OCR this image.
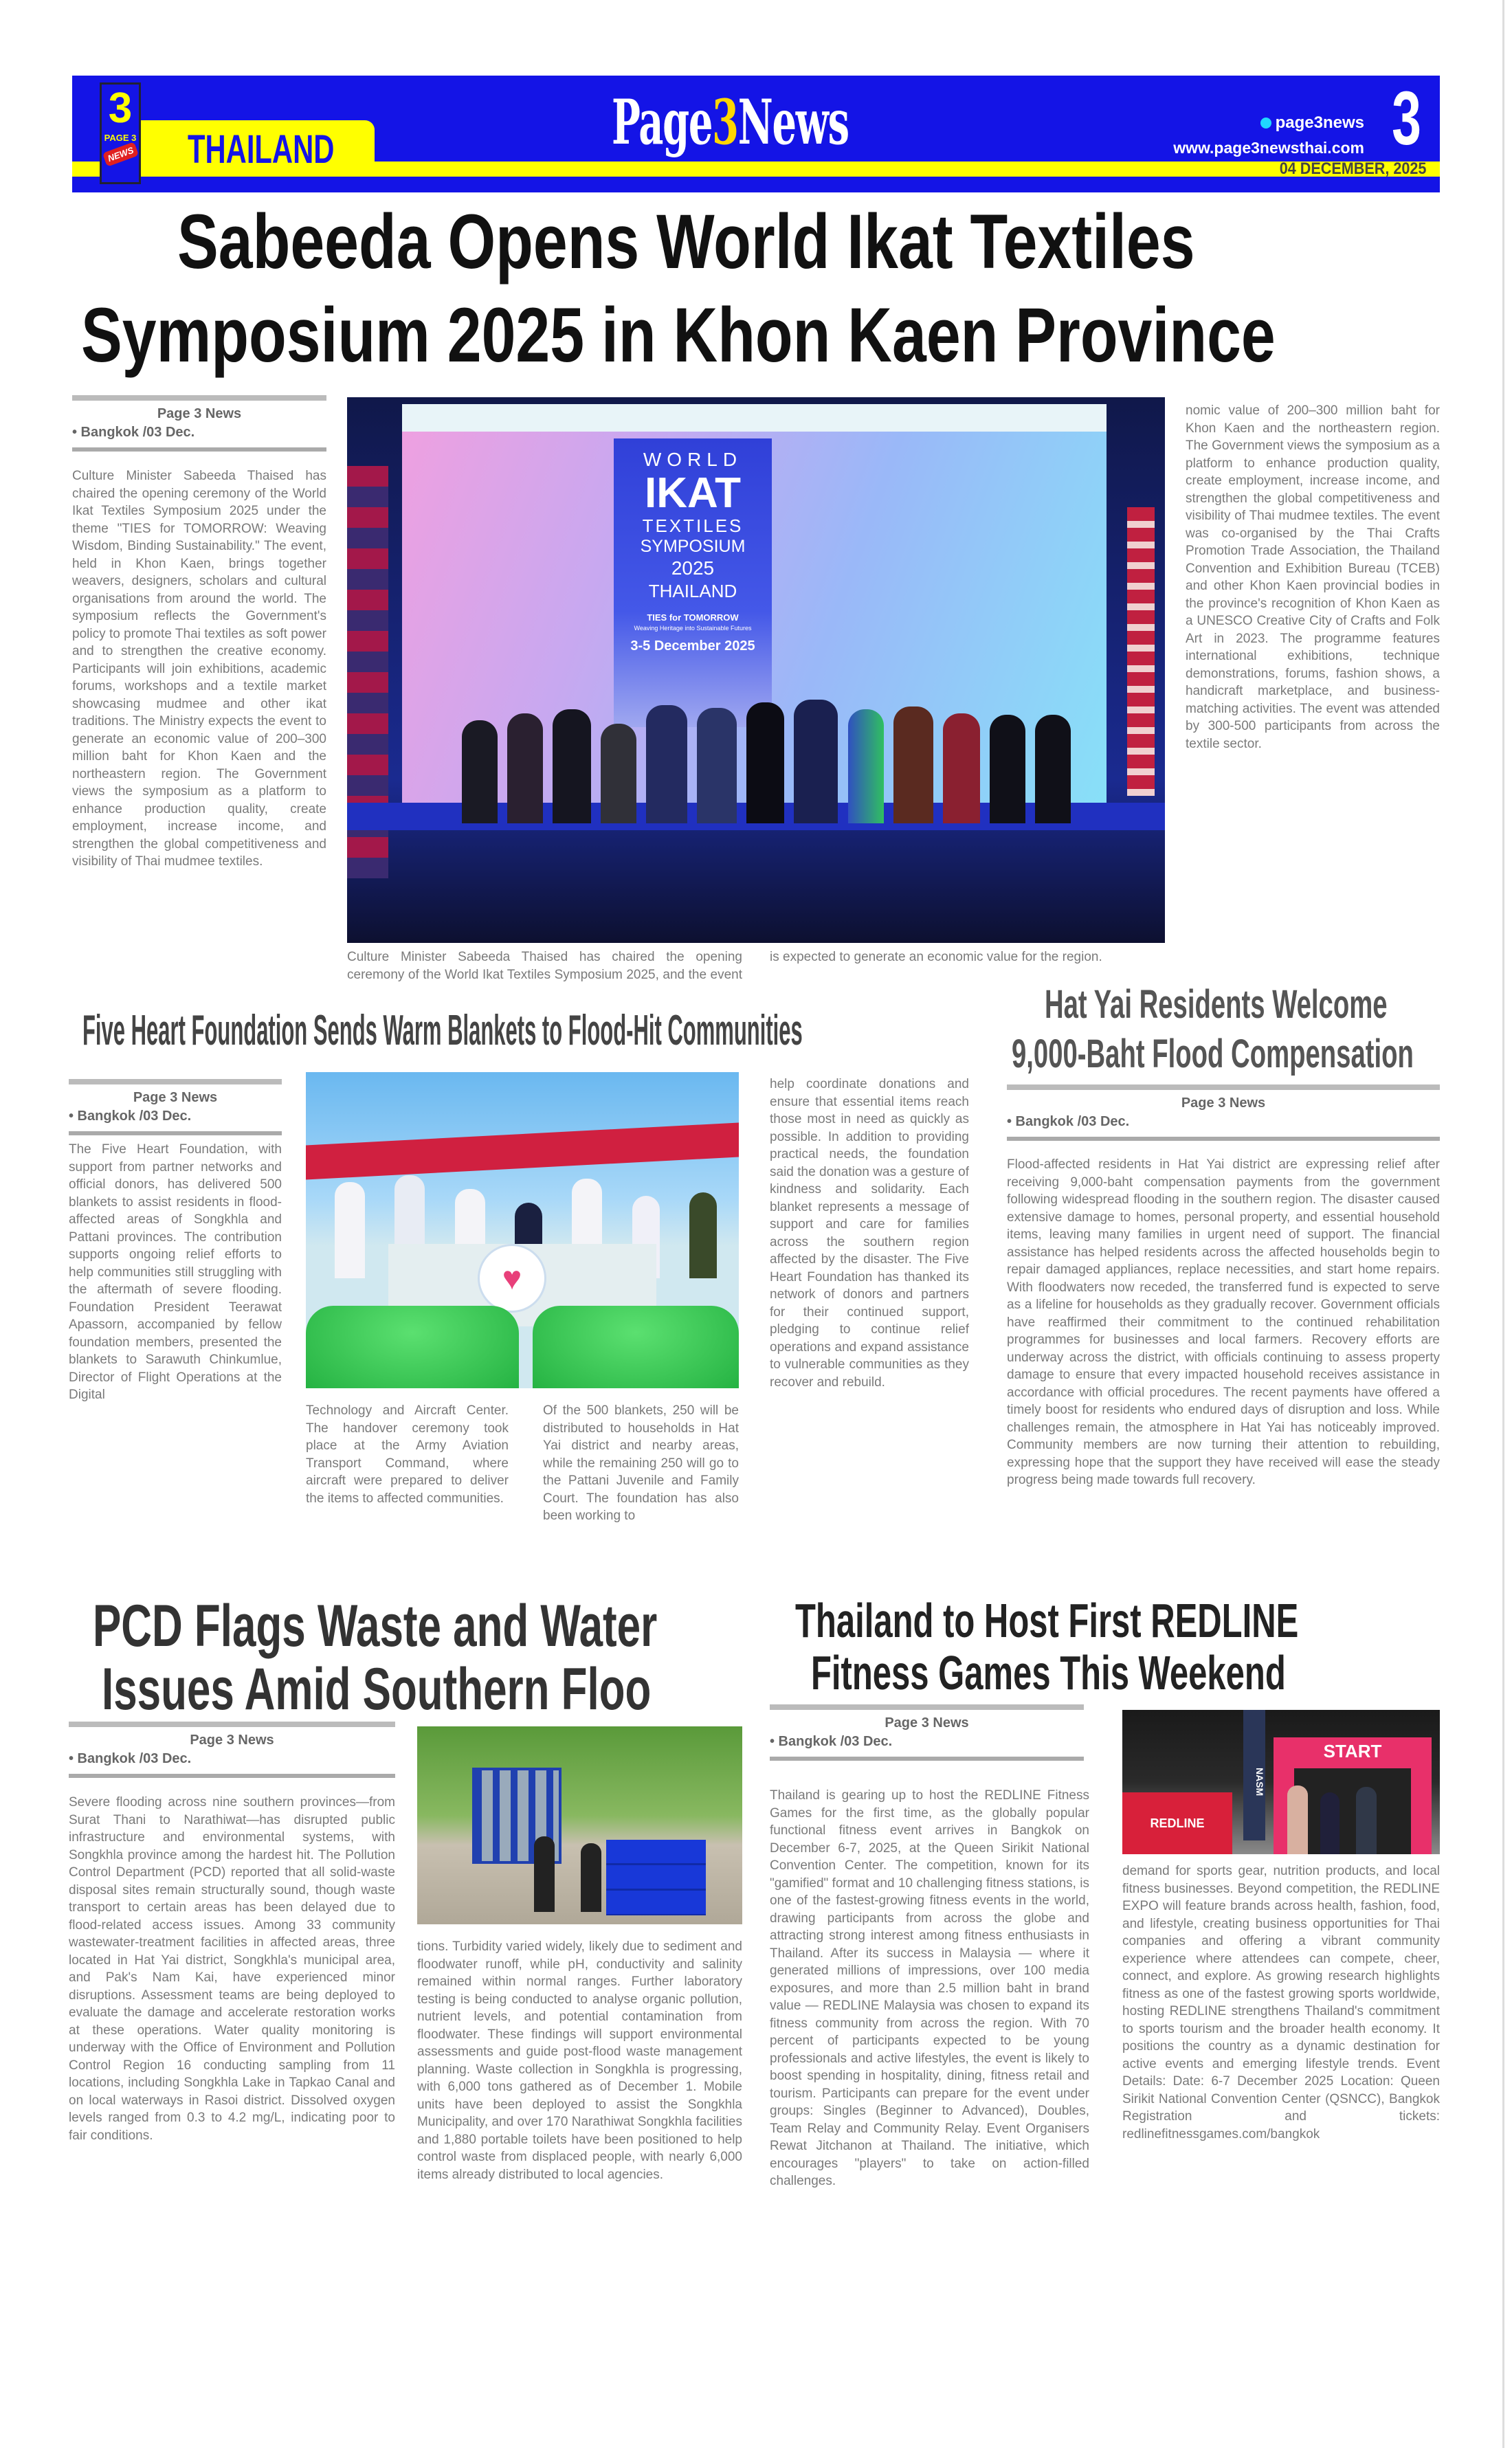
3
PAGE 3
NEWS THAILAND	Page3News	page3news
www.page3newsthai.com 3
04 DECEMBER, 2025
Sabeeda Opens World Ikat Textiles
Symposium 2025 in Khon Kaen Province
Page 3 News
• Bangkok /03 Dec.
Culture Minister Sabeeda Thaised has chaired the opening ceremony of the World Ikat Textiles Symposium 2025 under the theme "TIES for TOMORROW: Weaving Wisdom, Binding Sustainability." The event, held in Khon Kaen, brings together weavers, designers, scholars and cultural organisations from around the world. The symposium reflects the Government's policy to promote Thai textiles as soft power and to strengthen the creative economy. Participants will join exhibitions, academic forums, workshops and a textile market showcasing mudmee and other ikat traditions. The Ministry expects the event to generate an economic value of 200–300 million baht for Khon Kaen and the northeastern region. The Government views the symposium as a platform to enhance production quality, create employment, increase income, and strengthen the global competitiveness and visibility of Thai mudmee textiles.
WORLD
IKAT
TEXTILES
SYMPOSIUM
2025
THAILAND
TIES for TOMORROW
Weaving Heritage into Sustainable Futures
3-5 December 2025
Culture Minister Sabeeda Thaised has chaired the opening ceremony of the World Ikat Textiles Symposium 2025, and the event is expected to generate an economic value for the region.
nomic value of 200–300 million baht for Khon Kaen and the northeastern region. The Government views the symposium as a platform to enhance production quality, create employment, increase income, and strengthen the global competitiveness and visibility of Thai mudmee textiles. The event was co-organised by the Thai Crafts Promotion Trade Association, the Thailand Convention and Exhibition Bureau (TCEB) and other Khon Kaen provincial bodies in the province's recognition of Khon Kaen as a UNESCO Creative City of Crafts and Folk Art in 2023. The programme features international exhibitions, technique demonstrations, forums, fashion shows, a handicraft marketplace, and business-matching activities. The event was attended by 300-500 participants from across the textile sector.
Hat Yai Residents Welcome
9,000-Baht Flood Compensation
Page 3 News
• Bangkok /03 Dec.
Flood-affected residents in Hat Yai district are expressing relief after receiving 9,000-baht compensation payments from the government following widespread flooding in the southern region. The disaster caused extensive damage to homes, personal property, and essential household items, leaving many families in urgent need of support. The financial assistance has helped residents across the affected households begin to repair damaged appliances, replace necessities, and start home repairs. With floodwaters now receded, the transferred fund is expected to serve as a lifeline for households as they gradually recover. Government officials have reaffirmed their commitment to the continued rehabilitation programmes for businesses and local farmers. Recovery efforts are underway across the district, with officials continuing to assess property damage to ensure that every impacted household receives assistance in accordance with official procedures. The recent payments have offered a timely boost for residents who endured days of disruption and loss. While challenges remain, the atmosphere in Hat Yai has noticeably improved. Community members are now turning their attention to rebuilding, expressing hope that the support they have received will ease the steady progress being made towards full recovery.
Five Heart Foundation Sends Warm Blankets to Flood-Hit Communities
Page 3 News
• Bangkok /03 Dec.
The Five Heart Foundation, with support from partner networks and official donors, has delivered 500 blankets to assist residents in flood-affected areas of Songkhla and Pattani provinces. The contribution supports ongoing relief efforts to help communities still struggling with the aftermath of severe flooding. Foundation President Teerawat Apassorn, accompanied by fellow foundation members, presented the blankets to Sarawuth Chinkumlue, Director of Flight Operations at the Digital
♥
Technology and Aircraft Center. The handover ceremony took place at the Army Aviation Transport Command, where aircraft were prepared to deliver the items to affected communities.
Of the 500 blankets, 250 will be distributed to households in Hat Yai district and nearby areas, while the remaining 250 will go to the Pattani Juvenile and Family Court. The foundation has also been working to
help coordinate donations and ensure that essential items reach those most in need as quickly as possible. In addition to providing practical needs, the foundation said the donation was a gesture of kindness and solidarity. Each blanket represents a message of support and care for families across the southern region affected by the disaster. The Five Heart Foundation has thanked its network of donors and partners for their continued support, pledging to continue relief operations and expand assistance to vulnerable communities as they recover and rebuild.
PCD Flags Waste and Water
Issues Amid Southern Floo
Page 3 News
• Bangkok /03 Dec.
Severe flooding across nine southern provinces—from Surat Thani to Narathiwat—has disrupted public infrastructure and environmental systems, with Songkhla province among the hardest hit. The Pollution Control Department (PCD) reported that all solid-waste disposal sites remain structurally sound, though waste transport to certain areas has been delayed due to flood-related access issues. Among 33 community wastewater-treatment facilities in affected areas, three located in Hat Yai district, Songkhla's municipal area, and Pak's Nam Kai, have experienced minor disruptions. Assessment teams are being deployed to evaluate the damage and accelerate restoration works at these operations. Water quality monitoring is underway with the Office of Environment and Pollution Control Region 16 conducting sampling from 11 locations, including Songkhla Lake in Tapkao Canal and on local waterways in Rasoi district. Dissolved oxygen levels ranged from 0.3 to 4.2 mg/L, indicating poor to fair conditions.
tions. Turbidity varied widely, likely due to sediment and floodwater runoff, while pH, conductivity and salinity remained within normal ranges. Further laboratory testing is being conducted to analyse organic pollution, nutrient levels, and potential contamination from floodwater. These findings will support environmental assessments and guide post-flood waste management planning. Waste collection in Songkhla is progressing, with 6,000 tons gathered as of December 1. Mobile units have been deployed to assist the Songkhla Municipality, and over 170 Narathiwat Songkhla facilities and 1,880 portable toilets have been positioned to help control waste from displaced people, with nearly 6,000 items already distributed to local agencies.
Thailand to Host First REDLINE
Fitness Games This Weekend
Page 3 News
• Bangkok /03 Dec.
Thailand is gearing up to host the REDLINE Fitness Games for the first time, as the globally popular functional fitness event arrives in Bangkok on December 6-7, 2025, at the Queen Sirikit National Convention Center. The competition, known for its "gamified" format and 10 challenging fitness stations, is one of the fastest-growing fitness events in the world, drawing participants from across the globe and attracting strong interest among fitness enthusiasts in Thailand. After its success in Malaysia — where it generated millions of impressions, over 100 media exposures, and more than 2.5 million baht in brand value — REDLINE Malaysia was chosen to expand its fitness community from across the region. With 70 percent of participants expected to be young professionals and active lifestyles, the event is likely to boost spending in hospitality, dining, fitness retail and tourism. Participants can prepare for the event under groups: Singles (Beginner to Advanced), Doubles, Team Relay and Community Relay. Event Organisers Rewat Jitchanon at Thailand. The initiative, which encourages "players" to take on action-filled challenges.
START
NASM
REDLINE
demand for sports gear, nutrition products, and local fitness businesses. Beyond competition, the REDLINE EXPO will feature brands across health, fashion, food, and lifestyle, creating business opportunities for Thai companies and offering a vibrant community experience where attendees can compete, cheer, connect, and explore. As growing research highlights fitness as one of the fastest growing sports worldwide, hosting REDLINE strengthens Thailand's commitment to sports tourism and the broader health economy. It positions the country as a dynamic destination for active events and emerging lifestyle trends. Event Details: Date: 6-7 December 2025 Location: Queen Sirikit National Convention Center (QSNCC), Bangkok Registration and tickets: redlinefitnessgames.com/bangkok
